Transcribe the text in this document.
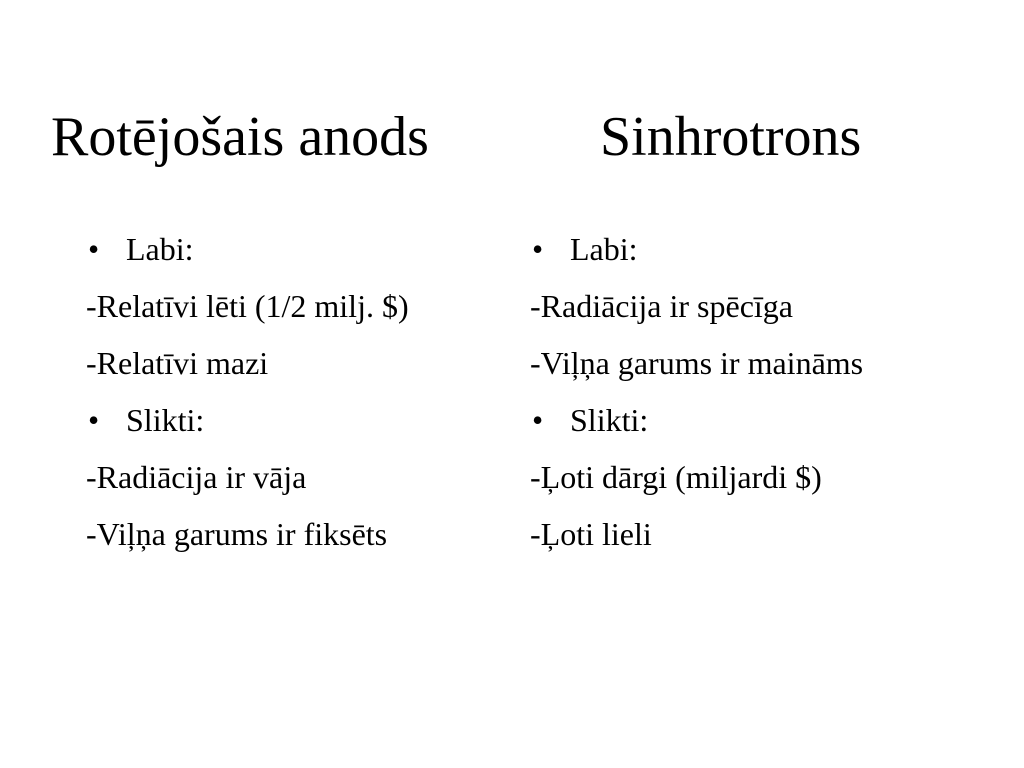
Rotējošais anods	Sinhrotrons
• Labi:
-Relatīvi lēti (1/2 milj. $)
-Relatīvi mazi
• Slikti:
-Radiācija ir vāja
-Viļņa garums ir fiksēts
• Labi:
-Radiācija ir spēcīga
-Viļņa garums ir maināms
• Slikti:
-Ļoti dārgi (miljardi $)
-Ļoti lieli
